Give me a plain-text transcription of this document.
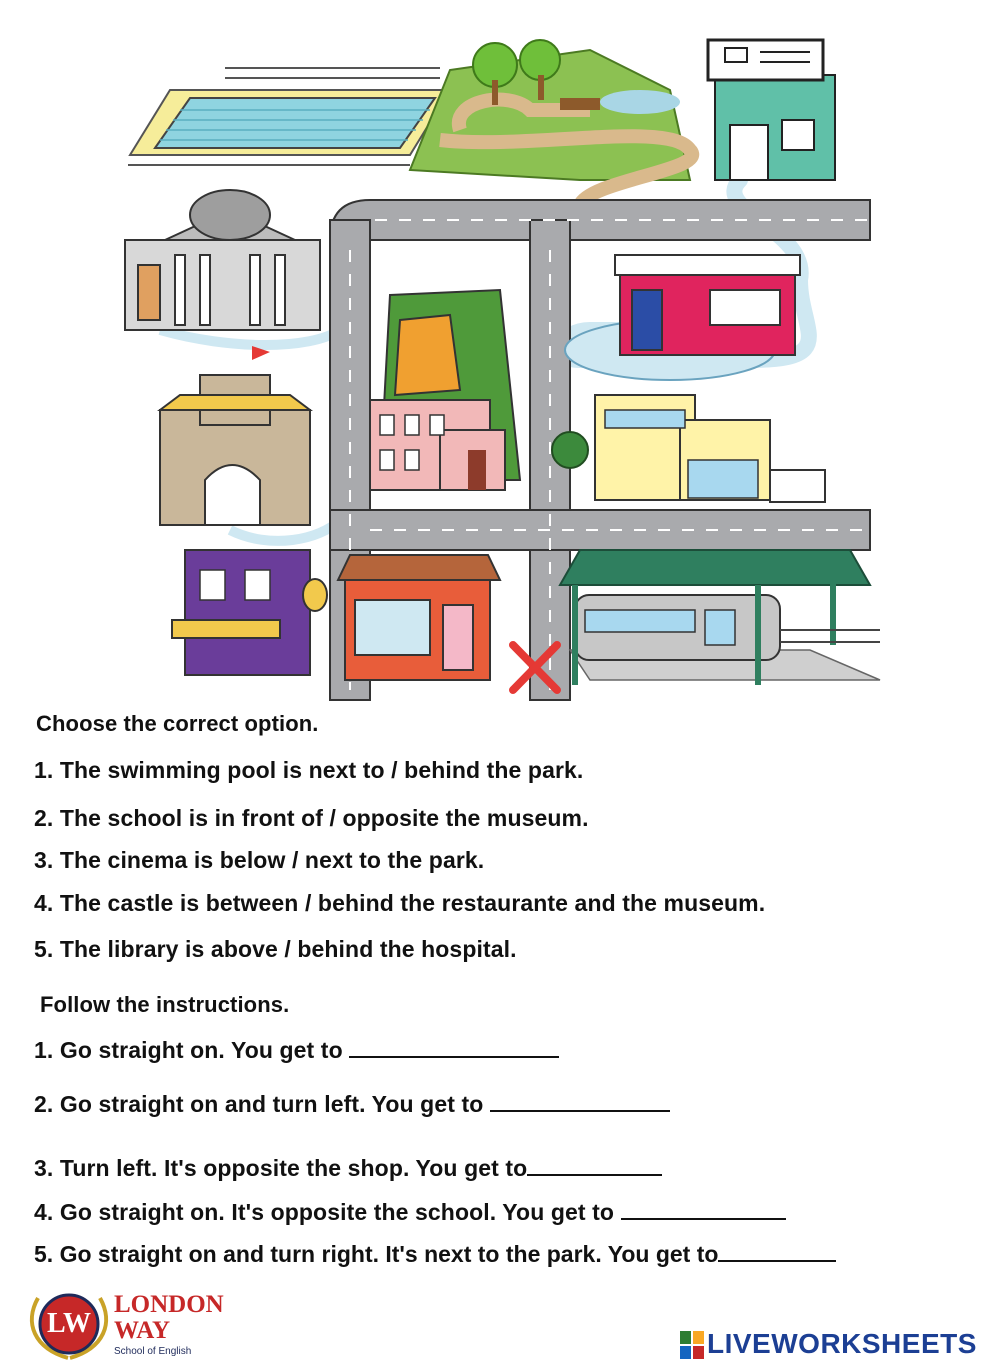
Choose the correct option.
1. The swimming pool is next to / behind the park.
2. The school is in front of / opposite the museum.
3. The cinema is below / next to the park.
4. The castle is between / behind the restaurante and the museum.
5. The library is above / behind the hospital.
Follow the instructions.
1. Go straight on. You get to
2. Go straight on and turn left. You get to
3. Turn left. It's opposite the shop. You get to
4. Go straight on. It's opposite the school. You get to
5. Go straight on and turn right. It's next to the park. You get to
LW
LONDON
WAY
School of English	LIVEWORKSHEETS
